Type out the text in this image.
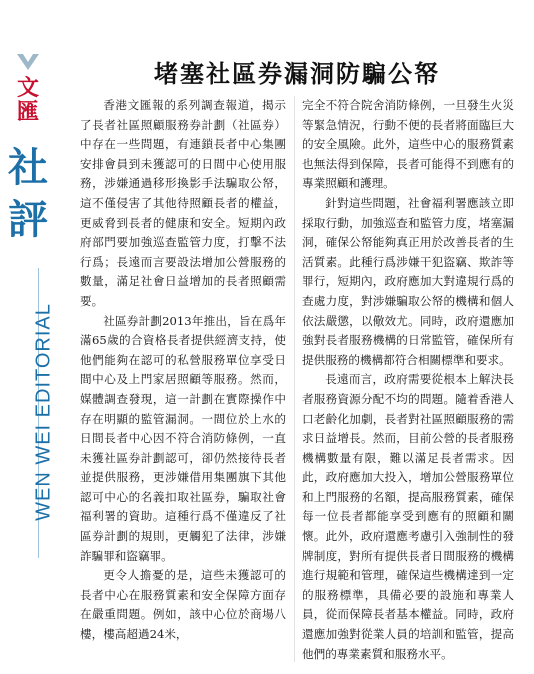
文匯
社評
WEN WEI EDITORIAL
堵塞社區券漏洞防騙公帑

香港文匯報的系列調查報道，揭示了長者社區照顧服務券計劃（社區券）中存在一些問題，有連鎖長者中心集團安排會員到未獲認可的日間中心使用服務，涉嫌通過移形換影手法騙取公帑，這不僅侵害了其他待照顧長者的權益，更威脅到長者的健康和安全。短期內政府部門要加強巡查監管力度，打擊不法行爲；長遠而言要設法增加公營服務的數量，滿足社會日益增加的長者照顧需要。

社區券計劃2013年推出，旨在爲年滿65歲的合資格長者提供經濟支持，使他們能夠在認可的私營服務單位享受日間中心及上門家居照顧等服務。然而，媒體調查發現，這一計劃在實際操作中存在明顯的監管漏洞。一間位於上水的日間長者中心因不符合消防條例，一直未獲社區券計劃認可，卻仍然接待長者並提供服務，更涉嫌借用集團旗下其他認可中心的名義扣取社區券，騙取社會福利署的資助。這種行爲不僅違反了社區券計劃的規則，更觸犯了法律，涉嫌詐騙罪和盜竊罪。

更令人擔憂的是，這些未獲認可的長者中心在服務質素和安全保障方面存在嚴重問題。例如，該中心位於商場八樓，樓高超過24米，

完全不符合院舍消防條例，一旦發生火災等緊急情況，行動不便的長者將面臨巨大的安全風險。此外，這些中心的服務質素也無法得到保障，長者可能得不到應有的專業照顧和護理。

針對這些問題，社會福利署應該立即採取行動，加強巡查和監管力度，堵塞漏洞，確保公帑能夠真正用於改善長者的生活質素。此種行爲涉嫌干犯盜竊、欺詐等罪行，短期內，政府應加大對違規行爲的查處力度，對涉嫌騙取公帑的機構和個人依法嚴懲，以儆效尤。同時，政府還應加強對長者服務機構的日常監管，確保所有提供服務的機構都符合相關標準和要求。

長遠而言，政府需要從根本上解決長者服務資源分配不均的問題。隨着香港人口老齡化加劇，長者對社區照顧服務的需求日益增長。然而，目前公營的長者服務機構數量有限，難以滿足長者需求。因此，政府應加大投入，增加公營服務單位和上門服務的名額，提高服務質素，確保每一位長者都能享受到應有的照顧和關懷。此外，政府還應考慮引入強制性的發牌制度，對所有提供長者日間服務的機構進行規範和管理，確保這些機構達到一定的服務標準，具備必要的設施和專業人員，從而保障長者基本權益。同時，政府還應加強對從業人員的培訓和監管，提高他們的專業素質和服務水平。
